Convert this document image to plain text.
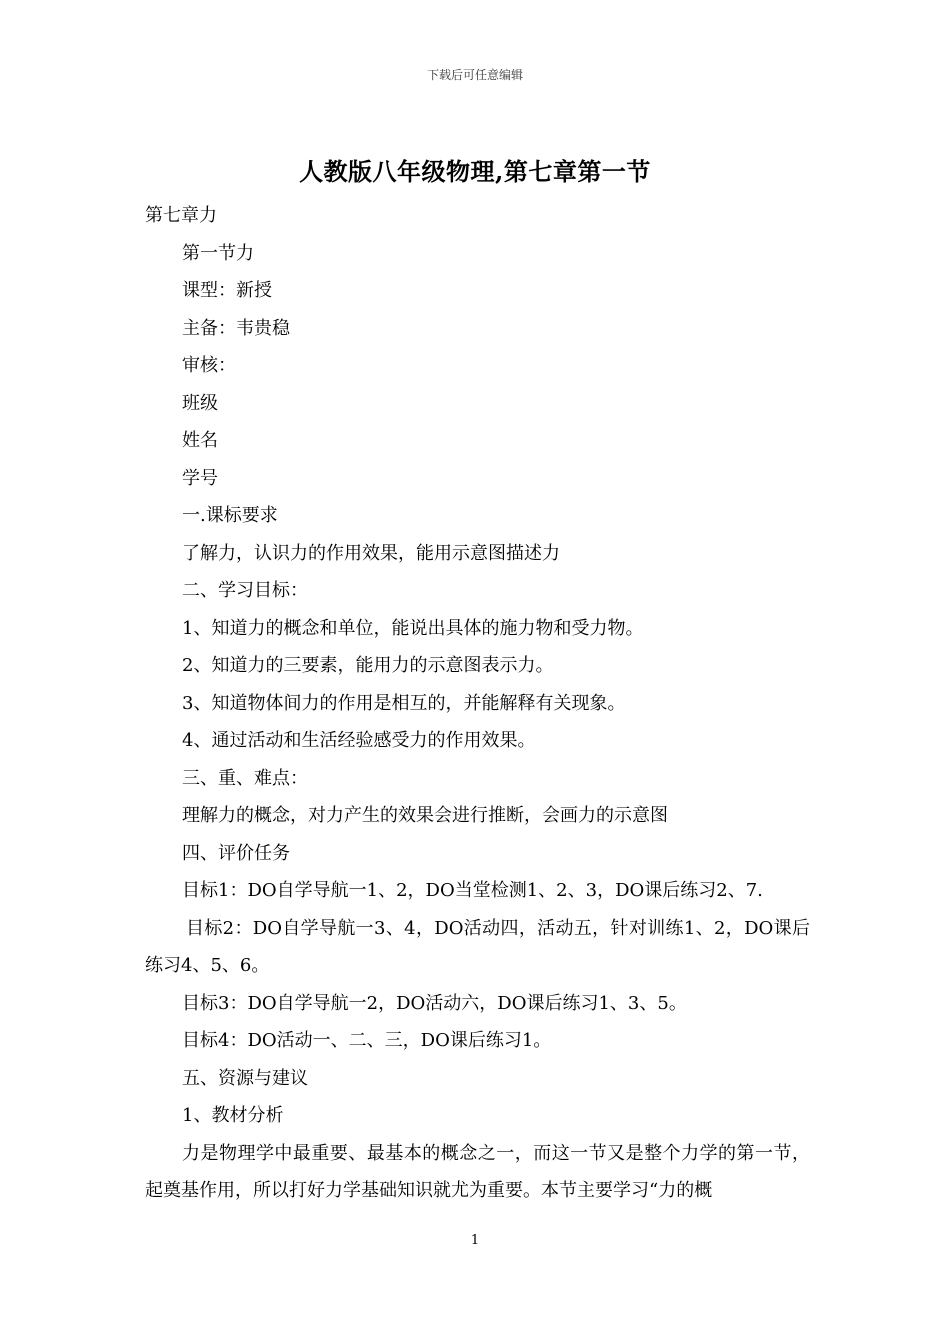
下载后可任意编辑
人教版八年级物理,第七章第一节

第七章力

第一节力

课型：新授

主备：韦贵稳

审核：

班级

姓名

学号

一.课标要求

了解力，认识力的作用效果，能用示意图描述力

二、学习目标：

1、知道力的概念和单位，能说出具体的施力物和受力物。

2、知道力的三要素，能用力的示意图表示力。

3、知道物体间力的作用是相互的，并能解释有关现象。

4、通过活动和生活经验感受力的作用效果。

三、重、难点：

理解力的概念，对力产生的效果会进行推断，会画力的示意图

四、评价任务

目标1：DO自学导航一1、2，DO当堂检测1、2、3，DO课后练习2、7.

目标2：DO自学导航一3、4，DO活动四，活动五，针对训练1、2，DO课后练习4、5、6。

目标3：DO自学导航一2，DO活动六，DO课后练习1、3、5。

目标4：DO活动一、二、三，DO课后练习1。

五、资源与建议

1、教材分析

力是物理学中最重要、最基本的概念之一，而这一节又是整个力学的第一节，起奠基作用，所以打好力学基础知识就尤为重要。本节主要学习“力的概

1
